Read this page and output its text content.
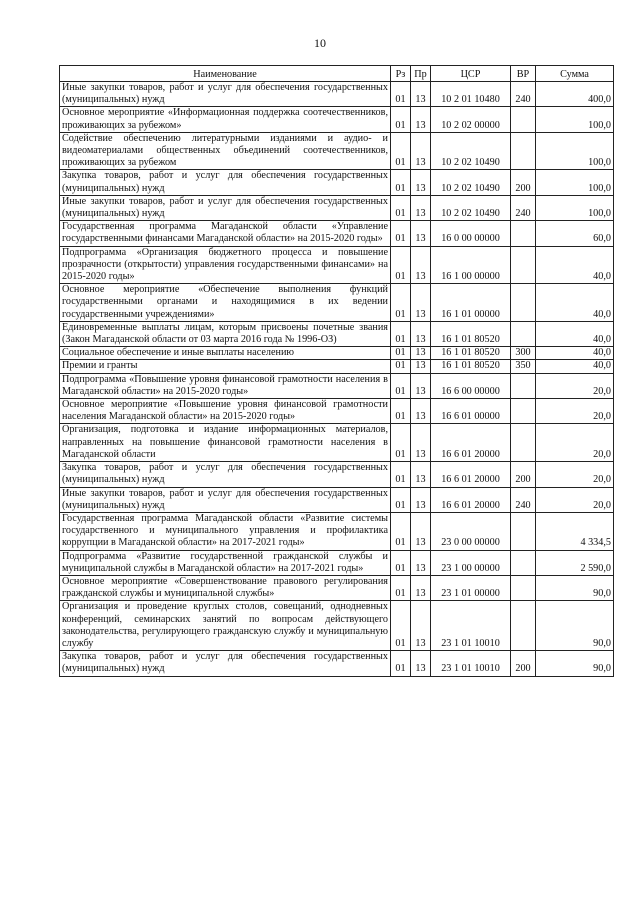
10
Наименование	Рз	Пр	ЦСР	ВР	Сумма
Иные закупки товаров, работ и услуг для обеспечения государственных (муниципальных) нужд	01	13	10 2 01 10480	240	400,0
Основное мероприятие «Информационная поддержка соотечественников, проживающих за рубежом»	01	13	10 2 02 00000		100,0
Содействие обеспечению литературными изданиями и аудио- и видеоматериалами общественных объединений соотечественников, проживающих за рубежом	01	13	10 2 02 10490		100,0
Закупка товаров, работ и услуг для обеспечения государственных (муниципальных) нужд	01	13	10 2 02 10490	200	100,0
Иные закупки товаров, работ и услуг для обеспечения государственных (муниципальных) нужд	01	13	10 2 02 10490	240	100,0
Государственная программа Магаданской области «Управление государственными финансами Магаданской области» на 2015-2020 годы»	01	13	16 0 00 00000		60,0
Подпрограмма «Организация бюджетного процесса и повышение прозрачности (открытости) управления государственными финансами» на 2015-2020 годы»	01	13	16 1 00 00000		40,0
Основное мероприятие «Обеспечение выполнения функций государственными органами и находящимися в их ведении государственными учреждениями»	01	13	16 1 01 00000		40,0
Единовременные выплаты лицам, которым присвоены почетные звания (Закон Магаданской области от 03 марта 2016 года № 1996-ОЗ)	01	13	16 1 01 80520		40,0
Социальное обеспечение и иные выплаты населению	01	13	16 1 01 80520	300	40,0
Премии и гранты	01	13	16 1 01 80520	350	40,0
Подпрограмма «Повышение уровня финансовой грамотности населения в Магаданской области» на 2015-2020 годы»	01	13	16 6 00 00000		20,0
Основное мероприятие «Повышение уровня финансовой грамотности населения Магаданской области» на 2015-2020 годы»	01	13	16 6 01 00000		20,0
Организация, подготовка и издание информационных материалов, направленных на повышение финансовой грамотности населения в Магаданской области	01	13	16 6 01 20000		20,0
Закупка товаров, работ и услуг для обеспечения государственных (муниципальных) нужд	01	13	16 6 01 20000	200	20,0
Иные закупки товаров, работ и услуг для обеспечения государственных (муниципальных) нужд	01	13	16 6 01 20000	240	20,0
Государственная программа Магаданской области «Развитие системы государственного и муниципального управления и профилактика коррупции в Магаданской области» на 2017-2021 годы»	01	13	23 0 00 00000		4 334,5
Подпрограмма «Развитие государственной гражданской службы и муниципальной службы в Магаданской области» на 2017-2021 годы»	01	13	23 1 00 00000		2 590,0
Основное мероприятие «Совершенствование правового регулирования гражданской службы и муниципальной службы»	01	13	23 1 01 00000		90,0
Организация и проведение круглых столов, совещаний, однодневных конференций, семинарских занятий по вопросам действующего законодательства, регулирующего гражданскую службу и муниципальную службу	01	13	23 1 01 10010		90,0
Закупка товаров, работ и услуг для обеспечения государственных (муниципальных) нужд	01	13	23 1 01 10010	200	90,0
